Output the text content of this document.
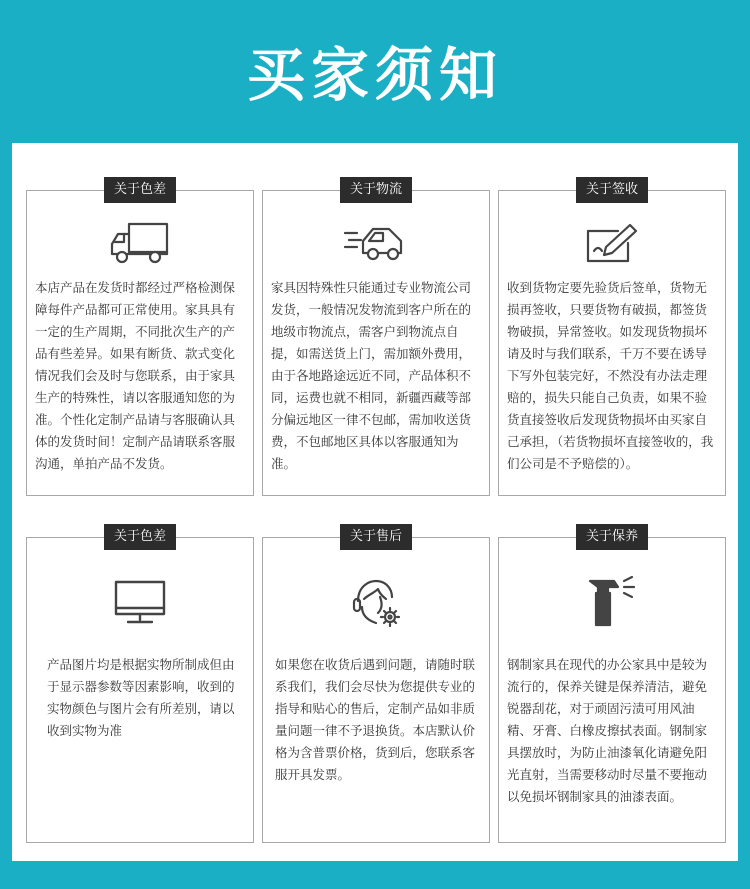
买家须知
关于色差
本店产品在发货时都经过严格检测保障每件产品都可正常使用。家具具有一定的生产周期，不同批次生产的产品有些差异。如果有断货、款式变化情况我们会及时与您联系，由于家具生产的特殊性，请以客服通知您的为准。个性化定制产品请与客服确认具体的发货时间！定制产品请联系客服沟通，单拍产品不发货。
关于物流
家具因特殊性只能通过专业物流公司发货，一般情况发物流到客户所在的地级市物流点，需客户到物流点自提，如需送货上门，需加额外费用，由于各地路途远近不同，产品体积不同，运费也就不相同，新疆西藏等部分偏远地区一律不包邮，需加收送货费，不包邮地区具体以客服通知为准。
关于签收
收到货物定要先验货后签单，货物无损再签收，只要货物有破损，都签货物破损，异常签收。如发现货物损坏请及时与我们联系，千万不要在诱导下写外包装完好，不然没有办法走理赔的，损失只能自己负责，如果不验货直接签收后发现货物损坏由买家自己承担，（若货物损坏直接签收的，我们公司是不予赔偿的）。
关于色差
产品图片均是根据实物所制成但由于显示器参数等因素影响，收到的实物颜色与图片会有所差别，请以收到实物为准
关于售后
如果您在收货后遇到问题，请随时联系我们，我们会尽快为您提供专业的指导和贴心的售后，定制产品如非质量问题一律不予退换货。本店默认价格为含普票价格，货到后，您联系客服开具发票。
关于保养
钢制家具在现代的办公家具中是较为流行的，保养关键是保养清洁，避免锐器刮花，对于顽固污渍可用风油精、牙膏、白橡皮擦拭表面。钢制家具摆放时，为防止油漆氧化请避免阳光直射，当需要移动时尽量不要拖动以免损坏钢制家具的油漆表面。
